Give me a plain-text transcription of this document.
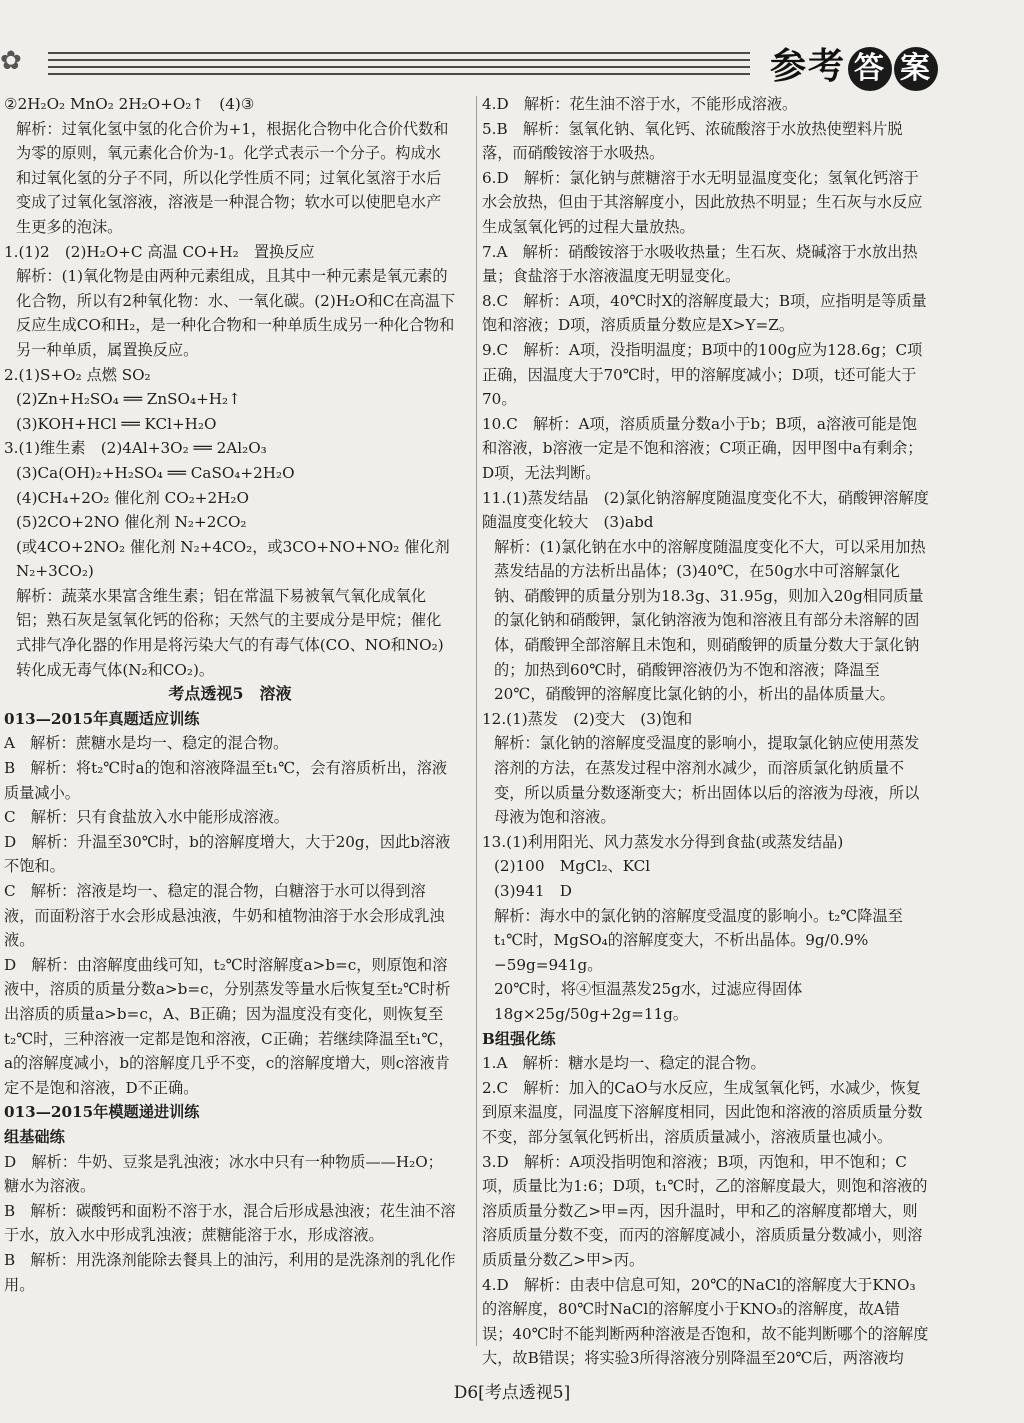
✿	参考 答 案

②2H₂O₂ MnO₂ 2H₂O+O₂↑　(4)③

解析：过氧化氢中氢的化合价为+1，根据化合物中化合价代数和为零的原则，氧元素化合价为-1。化学式表示一个分子。构成水和过氧化氢的分子不同，所以化学性质不同；过氧化氢溶于水后变成了过氧化氢溶液，溶液是一种混合物；软水可以使肥皂水产生更多的泡沫。

1.(1)2　(2)H₂O+C 高温 CO+H₂　置换反应

解析：(1)氧化物是由两种元素组成，且其中一种元素是氧元素的化合物，所以有2种氧化物：水、一氧化碳。(2)H₂O和C在高温下反应生成CO和H₂，是一种化合物和一种单质生成另一种化合物和另一种单质，属置换反应。

2.(1)S+O₂ 点燃 SO₂

(2)Zn+H₂SO₄ ══ ZnSO₄+H₂↑

(3)KOH+HCl ══ KCl+H₂O

3.(1)维生素　(2)4Al+3O₂ ══ 2Al₂O₃

(3)Ca(OH)₂+H₂SO₄ ══ CaSO₄+2H₂O

(4)CH₄+2O₂ 催化剂 CO₂+2H₂O

(5)2CO+2NO 催化剂 N₂+2CO₂

(或4CO+2NO₂ 催化剂 N₂+4CO₂，或3CO+NO+NO₂ 催化剂 N₂+3CO₂)

解析：蔬菜水果富含维生素；铝在常温下易被氧气氧化成氧化铝；熟石灰是氢氧化钙的俗称；天然气的主要成分是甲烷；催化式排气净化器的作用是将污染大气的有毒气体(CO、NO和NO₂)转化成无毒气体(N₂和CO₂)。

考点透视5　溶液

013—2015年真题适应训练

A　解析：蔗糖水是均一、稳定的混合物。

B　解析：将t₂℃时a的饱和溶液降温至t₁℃，会有溶质析出，溶液质量减小。

C　解析：只有食盐放入水中能形成溶液。

D　解析：升温至30℃时，b的溶解度增大，大于20g，因此b溶液不饱和。

C　解析：溶液是均一、稳定的混合物，白糖溶于水可以得到溶液，而面粉溶于水会形成悬浊液，牛奶和植物油溶于水会形成乳浊液。

D　解析：由溶解度曲线可知，t₂℃时溶解度a>b=c，则原饱和溶液中，溶质的质量分数a>b=c，分别蒸发等量水后恢复至t₂℃时析出溶质的质量a>b=c，A、B正确；因为温度没有变化，则恢复至t₂℃时，三种溶液一定都是饱和溶液，C正确；若继续降温至t₁℃，a的溶解度减小，b的溶解度几乎不变，c的溶解度增大，则c溶液肯定不是饱和溶液，D不正确。

013—2015年模题递进训练

组基础练

D　解析：牛奶、豆浆是乳浊液；冰水中只有一种物质——H₂O；糖水为溶液。

B　解析：碳酸钙和面粉不溶于水，混合后形成悬浊液；花生油不溶于水，放入水中形成乳浊液；蔗糖能溶于水，形成溶液。

B　解析：用洗涤剂能除去餐具上的油污，利用的是洗涤剂的乳化作用。

4.D　解析：花生油不溶于水，不能形成溶液。

5.B　解析：氢氧化钠、氧化钙、浓硫酸溶于水放热使塑料片脱落，而硝酸铵溶于水吸热。

6.D　解析：氯化钠与蔗糖溶于水无明显温度变化；氢氧化钙溶于水会放热，但由于其溶解度小，因此放热不明显；生石灰与水反应生成氢氧化钙的过程大量放热。

7.A　解析：硝酸铵溶于水吸收热量；生石灰、烧碱溶于水放出热量；食盐溶于水溶液温度无明显变化。

8.C　解析：A项，40℃时X的溶解度最大；B项，应指明是等质量饱和溶液；D项，溶质质量分数应是X>Y=Z。

9.C　解析：A项，没指明温度；B项中的100g应为128.6g；C项正确，因温度大于70℃时，甲的溶解度减小；D项，t还可能大于70。

10.C　解析：A项，溶质质量分数a小于b；B项，a溶液可能是饱和溶液，b溶液一定是不饱和溶液；C项正确，因甲图中a有剩余；D项，无法判断。

11.(1)蒸发结晶　(2)氯化钠溶解度随温度变化不大，硝酸钾溶解度随温度变化较大　(3)abd

解析：(1)氯化钠在水中的溶解度随温度变化不大，可以采用加热蒸发结晶的方法析出晶体；(3)40℃，在50g水中可溶解氯化钠、硝酸钾的质量分别为18.3g、31.95g，则加入20g相同质量的氯化钠和硝酸钾，氯化钠溶液为饱和溶液且有部分未溶解的固体，硝酸钾全部溶解且未饱和，则硝酸钾的质量分数大于氯化钠的；加热到60℃时，硝酸钾溶液仍为不饱和溶液；降温至20℃，硝酸钾的溶解度比氯化钠的小，析出的晶体质量大。

12.(1)蒸发　(2)变大　(3)饱和

解析：氯化钠的溶解度受温度的影响小，提取氯化钠应使用蒸发溶剂的方法，在蒸发过程中溶剂水减少，而溶质氯化钠质量不变，所以质量分数逐渐变大；析出固体以后的溶液为母液，所以母液为饱和溶液。

13.(1)利用阳光、风力蒸发水分得到食盐(或蒸发结晶)

(2)100　MgCl₂、KCl

(3)941　D

解析：海水中的氯化钠的溶解度受温度的影响小。t₂℃降温至t₁℃时，MgSO₄的溶解度变大，不析出晶体。9g/0.9%−59g=941g。

20℃时，将④恒温蒸发25g水，过滤应得固体18g×25g/50g+2g=11g。

B组强化练

1.A　解析：糖水是均一、稳定的混合物。

2.C　解析：加入的CaO与水反应，生成氢氧化钙，水减少，恢复到原来温度，同温度下溶解度相同，因此饱和溶液的溶质质量分数不变，部分氢氧化钙析出，溶质质量减小，溶液质量也减小。

3.D　解析：A项没指明饱和溶液；B项，丙饱和，甲不饱和；C项，质量比为1:6；D项，t₁℃时，乙的溶解度最大，则饱和溶液的溶质质量分数乙>甲=丙，因升温时，甲和乙的溶解度都增大，则溶质质量分数不变，而丙的溶解度减小，溶质质量分数减小，则溶质质量分数乙>甲>丙。

4.D　解析：由表中信息可知，20℃的NaCl的溶解度大于KNO₃的溶解度，80℃时NaCl的溶解度小于KNO₃的溶解度，故A错误；40℃时不能判断两种溶液是否饱和，故不能判断哪个的溶解度大，故B错误；将实验3所得溶液分别降温至20℃后，两溶液均

D6[考点透视5]
